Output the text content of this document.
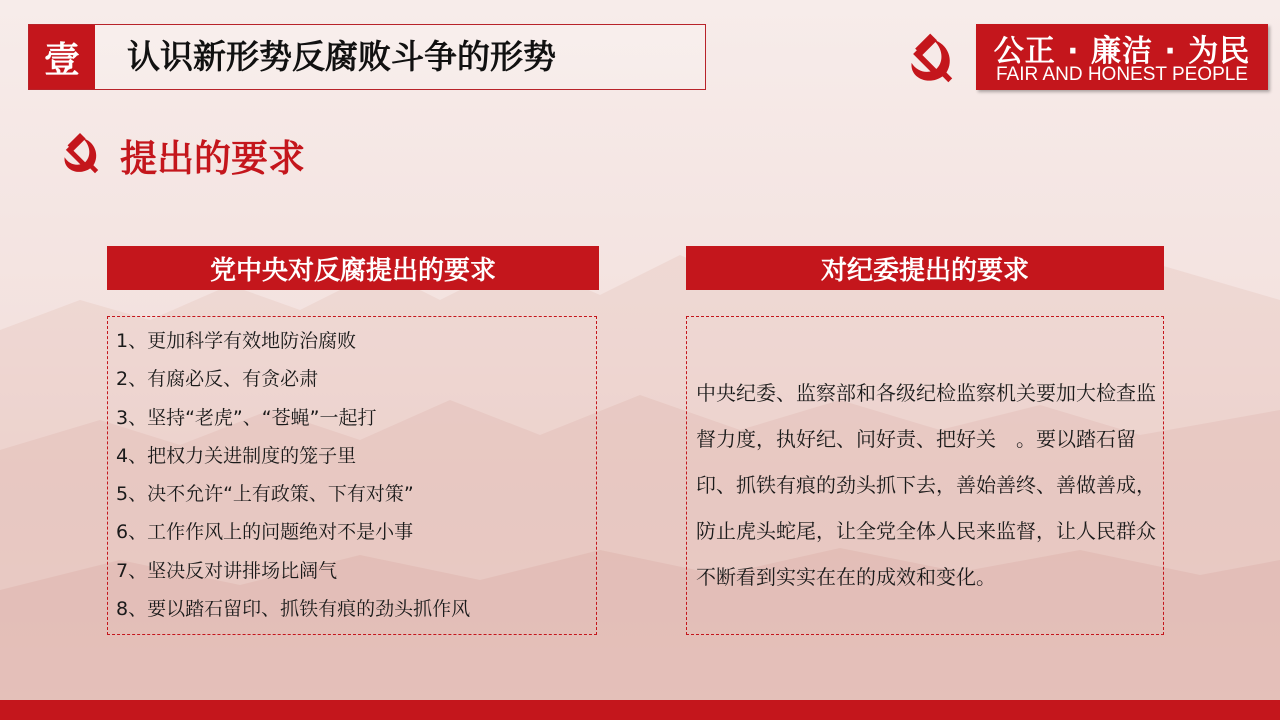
壹	认识新形势反腐败斗争的形势	公正 · 廉洁 · 为民
FAIR AND HONEST PEOPLE
提出的要求
党中央对反腐提出的要求
1、更加科学有效地防治腐败
2、有腐必反、有贪必肃
3、坚持“老虎”、“苍蝇”一起打
4、把权力关进制度的笼子里
5、决不允许“上有政策、下有对策”
6、工作作风上的问题绝对不是小事
7、坚决反对讲排场比阔气
8、要以踏石留印、抓铁有痕的劲头抓作风
对纪委提出的要求
中央纪委、监察部和各级纪检监察机关要加大检查监督力度，执好纪、问好责、把好关　。要以踏石留印、抓铁有痕的劲头抓下去，善始善终、善做善成，防止虎头蛇尾，让全党全体人民来监督，让人民群众不断看到实实在在的成效和变化。
